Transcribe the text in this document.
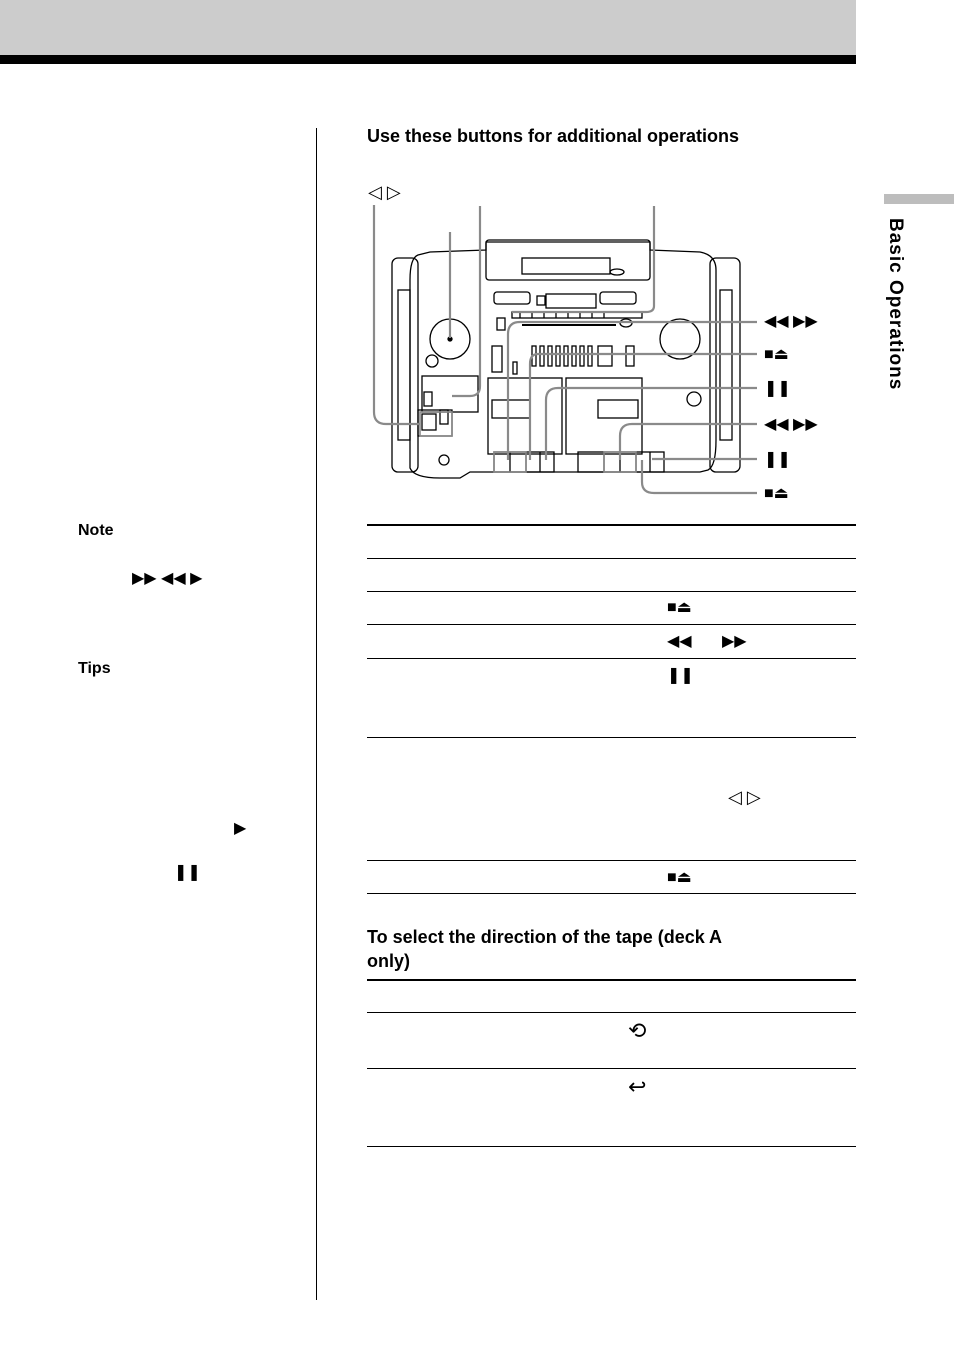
Basic Operations
Note
▶▶ ◀◀ ▶
Tips
▶
❚❚
Use these buttons for additional operations
◁ ▷
◀◀ ▶▶
■⏏
❚❚
◀◀ ▶▶
❚❚
■⏏
■⏏
◀◀ ▶▶
❚❚
◁ ▷
■⏏
To select the direction of the tape (deck A
only)
⟲
↩
